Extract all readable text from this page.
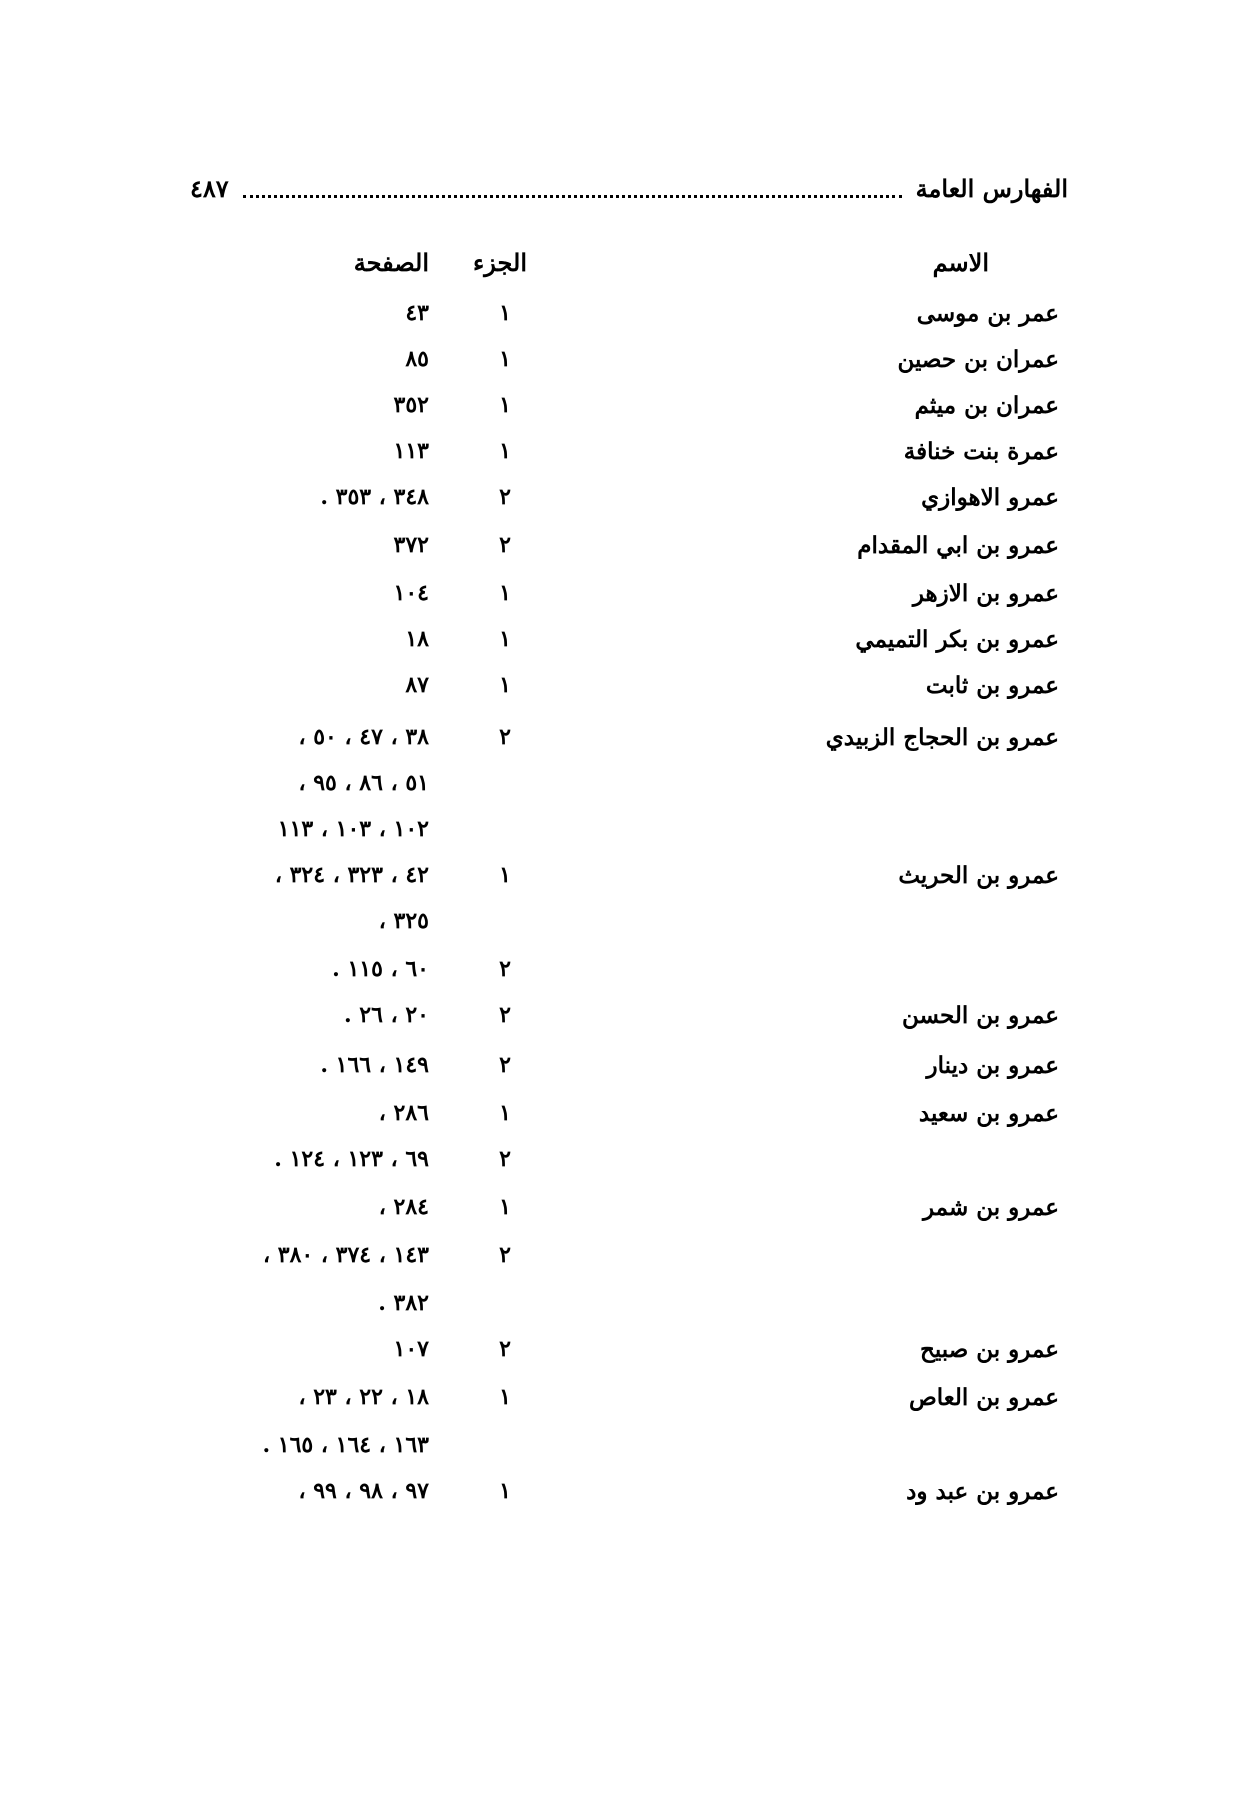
الفهارس العامة
٤٨٧
الاسم
الجزء
الصفحة
عمر بن موسى
١
٤٣
عمران بن حصين
١
٨٥
عمران بن ميثم
١
٣٥٢
عمرة بنت خنافة
١
١١٣
عمرو الاهوازي
٢
٣٤٨ ، ٣٥٣ .
عمرو بن ابي المقدام
٢
٣٧٢
عمرو بن الازهر
١
١٠٤
عمرو بن بكر التميمي
١
١٨
عمرو بن ثابت
١
٨٧
عمرو بن الحجاج الزبيدي
٢
٣٨ ، ٤٧ ، ٥٠ ،
٥١ ، ٨٦ ، ٩٥ ،
١٠٢ ، ١٠٣ ، ١١٣
عمرو بن الحريث
١
٤٢ ، ٣٢٣ ، ٣٢٤ ،
٣٢٥ ،
٢
٦٠ ، ١١٥ .
عمرو بن الحسن
٢
٢٠ ، ٢٦ .
عمرو بن دينار
٢
١٤٩ ، ١٦٦ .
عمرو بن سعيد
١
٢٨٦ ،
٢
٦٩ ، ١٢٣ ، ١٢٤ .
عمرو بن شمر
١
٢٨٤ ،
٢
١٤٣ ، ٣٧٤ ، ٣٨٠ ،
٣٨٢ .
عمرو بن صبيح
٢
١٠٧
عمرو بن العاص
١
١٨ ، ٢٢ ، ٢٣ ،
١٦٣ ، ١٦٤ ، ١٦٥ .
عمرو بن عبد ود
١
٩٧ ، ٩٨ ، ٩٩ ،
